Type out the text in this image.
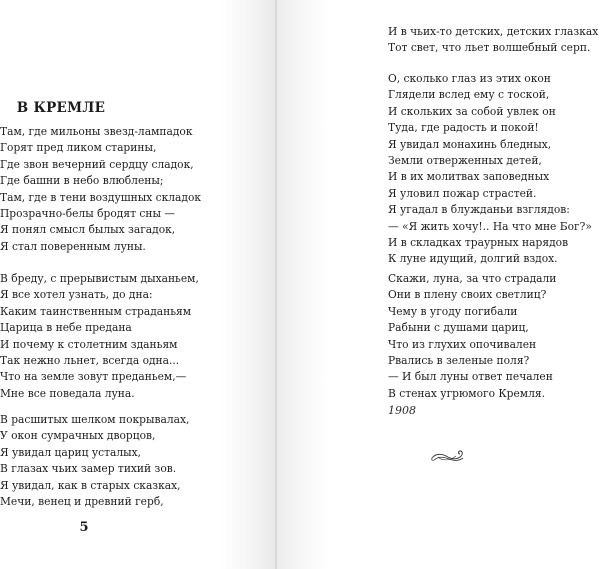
В КРЕМЛЕ
Там, где мильоны звезд-лампадок
Горят пред ликом старины,
Где звон вечерний сердцу сладок,
Где башни в небо влюблены;
Там, где в тени воздушных складок
Прозрачно-белы бродят сны —
Я понял смысл былых загадок,
Я стал поверенным луны.
В бреду, с прерывистым дыханьем,
Я все хотел узнать, до дна:
Каким таинственным страданьям
Царица в небе предана
И почему к столетним зданьям
Так нежно льнет, всегда одна...
Что на земле зовут преданьем,—
Мне все поведала луна.
В расшитых шелком покрывалах,
У окон сумрачных дворцов,
Я увидал цариц усталых,
В глазах чьих замер тихий зов.
Я увидал, как в старых сказках,
Мечи, венец и древний герб,
5
И в чьих-то детских, детских глазках
Тот свет, что льет волшебный серп.
О, сколько глаз из этих окон
Глядели вслед ему с тоской,
И скольких за собой увлек он
Туда, где радость и покой!
Я увидал монахинь бледных,
Земли отверженных детей,
И в их молитвах заповедных
Я уловил пожар страстей.
Я угадал в блужданьи взглядов:
— «Я жить хочу!.. На что мне Бог?»
И в складках траурных нарядов
К луне идущий, долгий вздох.
Скажи, луна, за что страдали
Они в плену своих светлиц?
Чему в угоду погибали
Рабыни с душами цариц,
Что из глухих опочивален
Рвались в зеленые поля?
— И был луны ответ печален
В стенах угрюмого Кремля.
1908
